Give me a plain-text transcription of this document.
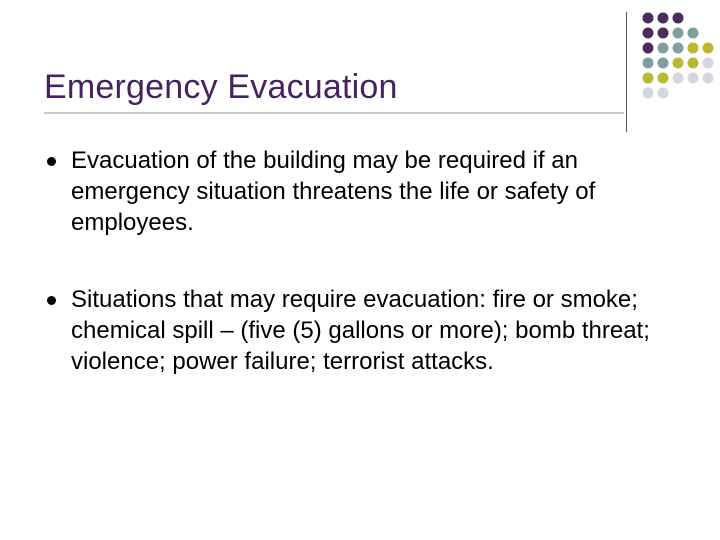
Emergency Evacuation
Evacuation of the building may be required if an emergency situation threatens the life or safety of employees.
Situations that may require evacuation: fire or smoke; chemical spill – (five (5) gallons or more); bomb threat; violence; power failure; terrorist attacks.
